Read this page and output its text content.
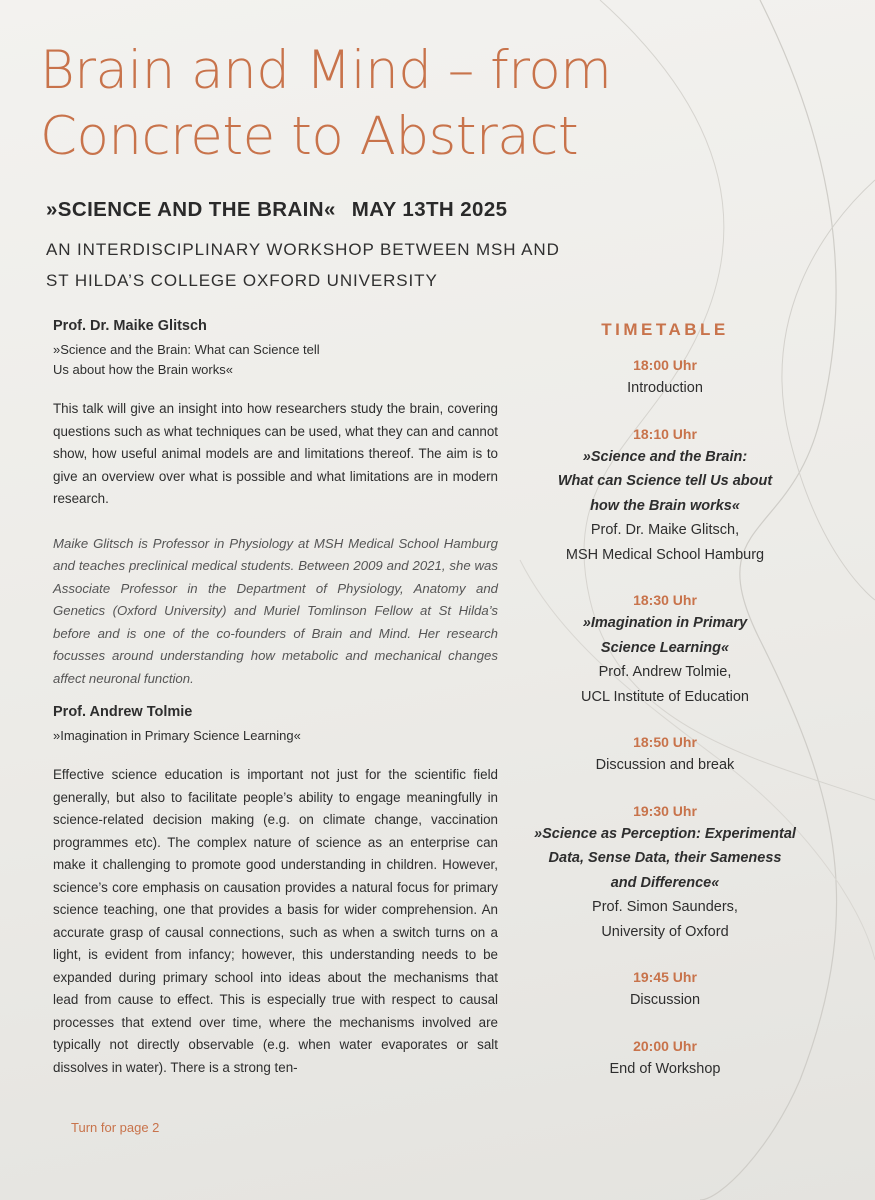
Brain and Mind – from
Concrete to Abstract
»SCIENCE AND THE BRAIN« MAY 13TH 2025
AN INTERDISCIPLINARY WORKSHOP BETWEEN MSH AND
ST HILDA’S COLLEGE OXFORD UNIVERSITY

Prof. Dr. Maike Glitsch

»Science and the Brain: What can Science tell
Us about how the Brain works«

This talk will give an insight into how researchers study the brain, covering questions such as what techniques can be used, what they can and cannot show, how useful animal models are and limitations thereof. The aim is to give an overview over what is possible and what limitations are in modern research.

Maike Glitsch is Professor in Physiology at MSH Medical School Hamburg and teaches preclinical medical students. Between 2009 and 2021, she was Associate Professor in the Department of Physiology, Anatomy and Genetics (Oxford University) and Muriel Tomlinson Fellow at St Hilda’s before and is one of the co-founders of Brain and Mind. Her research focusses around understanding how metabolic and mechanical changes affect neuronal function.

Prof. Andrew Tolmie

»Imagination in Primary Science Learning«

Effective science education is important not just for the scientific field generally, but also to facilitate people’s ability to engage meaningfully in science-related decision making (e.g. on climate change, vaccination programmes etc). The complex nature of science as an enterprise can make it challenging to promote good understanding in children. However, science’s core emphasis on causation provides a natural focus for primary science teaching, one that provides a basis for wider comprehension. An accurate grasp of causal connections, such as when a switch turns on a light, is evident from infancy; however, this understanding needs to be expanded during primary school into ideas about the mechanisms that lead from cause to effect. This is especially true with respect to causal processes that extend over time, where the mechanisms involved are typically not directly observable (e.g. when water evaporates or salt dissolves in water). There is a strong ten-

Turn for page 2
TIMETABLE
18:00 Uhr
Introduction
18:10 Uhr
»Science and the Brain:
What can Science tell Us about
how the Brain works«
Prof. Dr. Maike Glitsch,
MSH Medical School Hamburg
18:30 Uhr
»Imagination in Primary
Science Learning«
Prof. Andrew Tolmie,
UCL Institute of Education
18:50 Uhr
Discussion and break
19:30 Uhr
»Science as Perception: Experimental
Data, Sense Data, their Sameness
and Difference«
Prof. Simon Saunders,
University of Oxford
19:45 Uhr
Discussion
20:00 Uhr
End of Workshop
